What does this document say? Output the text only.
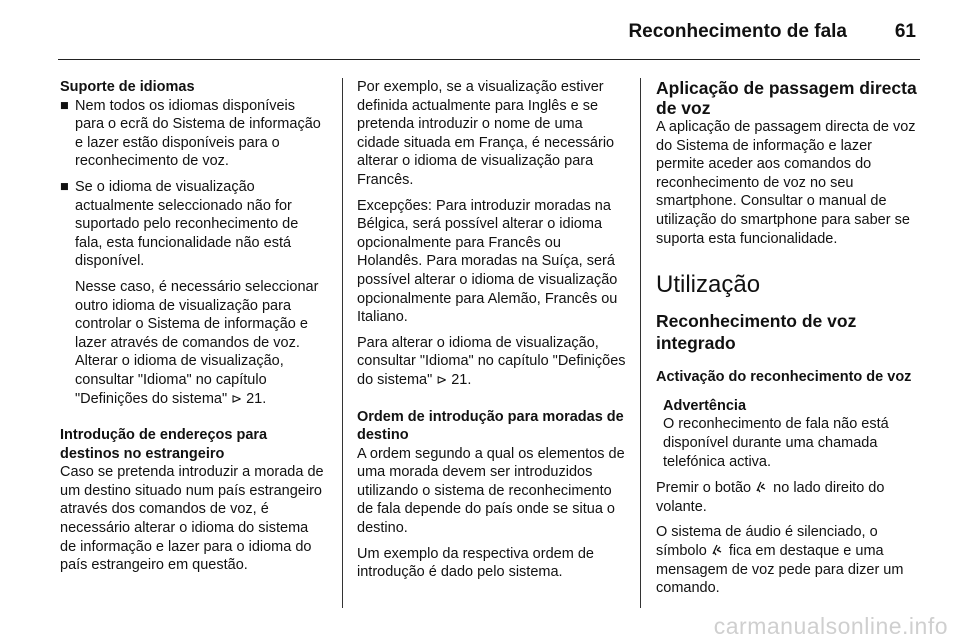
Reconhecimento de fala	61

Suporte de idiomas

■ Nem todos os idiomas disponíveis para o ecrã do Sistema de informação e lazer estão disponíveis para o reconhecimento de voz.
■ Se o idioma de visualização actualmente seleccionado não for suportado pelo reconhecimento de fala, esta funcionalidade não está disponível.
Nesse caso, é necessário seleccionar outro idioma de visualização para controlar o Sistema de informação e lazer através de comandos de voz. Alterar o idioma de visualização, consultar "Idioma" no capítulo "Definições do sistema" ⊳ 21.

Introdução de endereços para destinos no estrangeiro

Caso se pretenda introduzir a morada de um destino situado num país estrangeiro através dos comandos de voz, é necessário alterar o idioma do sistema de informação e lazer para o idioma do país estrangeiro em questão.

Por exemplo, se a visualização estiver definida actualmente para Inglês e se pretenda introduzir o nome de uma cidade situada em França, é necessário alterar o idioma de visualização para Francês.

Excepções: Para introduzir moradas na Bélgica, será possível alterar o idioma opcionalmente para Francês ou Holandês. Para moradas na Suíça, será possível alterar o idioma de visualização opcionalmente para Alemão, Francês ou Italiano.

Para alterar o idioma de visualização, consultar "Idioma" no capítulo "Definições do sistema" ⊳ 21.

Ordem de introdução para moradas de destino

A ordem segundo a qual os elementos de uma morada devem ser introduzidos utilizando o sistema de reconhecimento de fala depende do país onde se situa o destino.

Um exemplo da respectiva ordem de introdução é dado pelo sistema.

Aplicação de passagem directa de voz

A aplicação de passagem directa de voz do Sistema de informação e lazer permite aceder aos comandos do reconhecimento de voz no seu smartphone. Consultar o manual de utilização do smartphone para saber se suporta esta funcionalidade.

Utilização

Reconhecimento de voz integrado

Activação do reconhecimento de voz

Advertência

O reconhecimento de fala não está disponível durante uma chamada telefónica activa.

Premir o botão no lado direito do volante.

O sistema de áudio é silenciado, o símbolo fica em destaque e uma mensagem de voz pede para dizer um comando.

carmanualsonline.info
